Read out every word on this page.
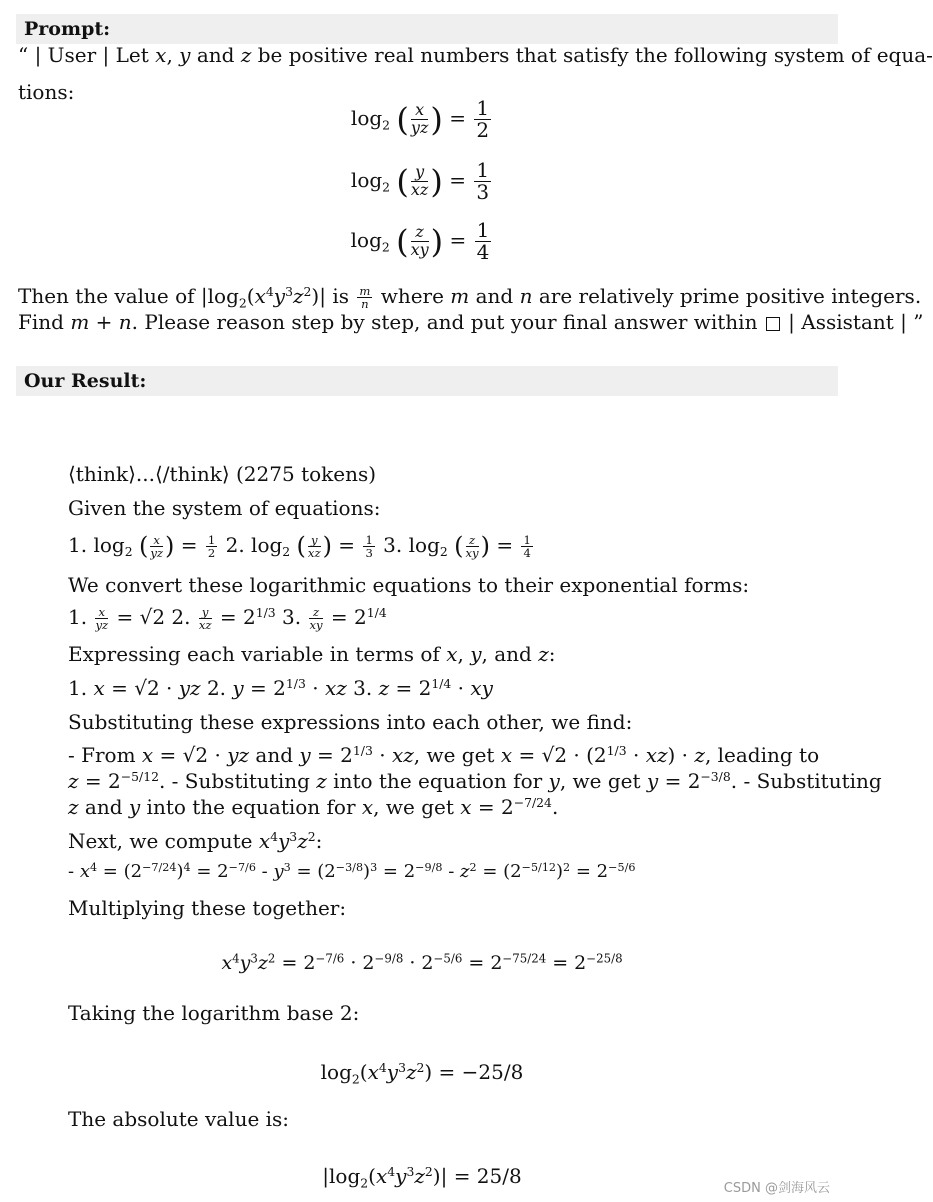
Prompt:
“ | User | Let x, y and z be positive real numbers that satisfy the following system of equa-
tions:
$\log_2$ ( $\frac{x}{yz}$ ) = $\frac{1}{2}$
$\log_2$ ( $\frac{y}{xz}$ ) = $\frac{1}{3}$
$\log_2$ ( $\frac{z}{xy}$ ) = $\frac{1}{4}$
Then the value of $|\log_2(x^4y^3z^2)|$ is $\frac{m}{n}$ where m and n are relatively prime positive integers.
Find m + n. Please reason step by step, and put your final answer within  | Assistant | ”
Our Result:
⟨think⟩...⟨/think⟩ (2275 tokens)
Given the system of equations:
1. $\log_2$ ( $\frac{x}{yz}$ ) = $\frac{1}{2} 2$. $\log_2$ ( $\frac{y}{xz}$ ) = $\frac{1}{3} 3$. $\log_2$ ( $\frac{z}{xy}$ ) = $\frac{1}{4}$
We convert these logarithmic equations to their exponential forms:
1. $\frac{x}{yz} = √2$ 2. $\frac{y}{xz} = 2^{1/3}$ 3. $\frac{z}{xy} = 2^{1/4}$
Expressing each variable in terms of x, y, and z:
1. x = √2 · yz 2. $y = 2^{1/3}$ · xz 3. $z = 2^{1/4}$ · xy
Substituting these expressions into each other, we find:
- From x = √2 · yz and $y = 2^{1/3}$ · xz, we get $x = √2 \cdot (2^{1/3} \cdot xz) \cdot z$, leading to
$z = 2^{-5/12}$. - Substituting z into the equation for y, we get $y = 2^{-3/8}$. - Substituting
z and y into the equation for x, we get $x = 2^{-7/24}$.
Next, we compute $x^4y^3z^2$:
- $x^4 = (2^{-7/24})^4 = 2^{-7/6} - y^3 = (2^{-3/8})^3 = 2^{-9/8} - z^2 = (2^{-5/12})^2 = 2^{-5/6}$
Multiplying these together:
$x^4y^3z^2 = 2^{-7/6} \cdot 2^{-9/8} \cdot 2^{-5/6} = 2^{-75/24} = 2^{-25/8}$
Taking the logarithm base 2:
$\log_2(x^4y^3z^2) = -25/8$
The absolute value is:
$|\log_2(x^4y^3z^2)| = 25/8$
CSDN @剑海风云
